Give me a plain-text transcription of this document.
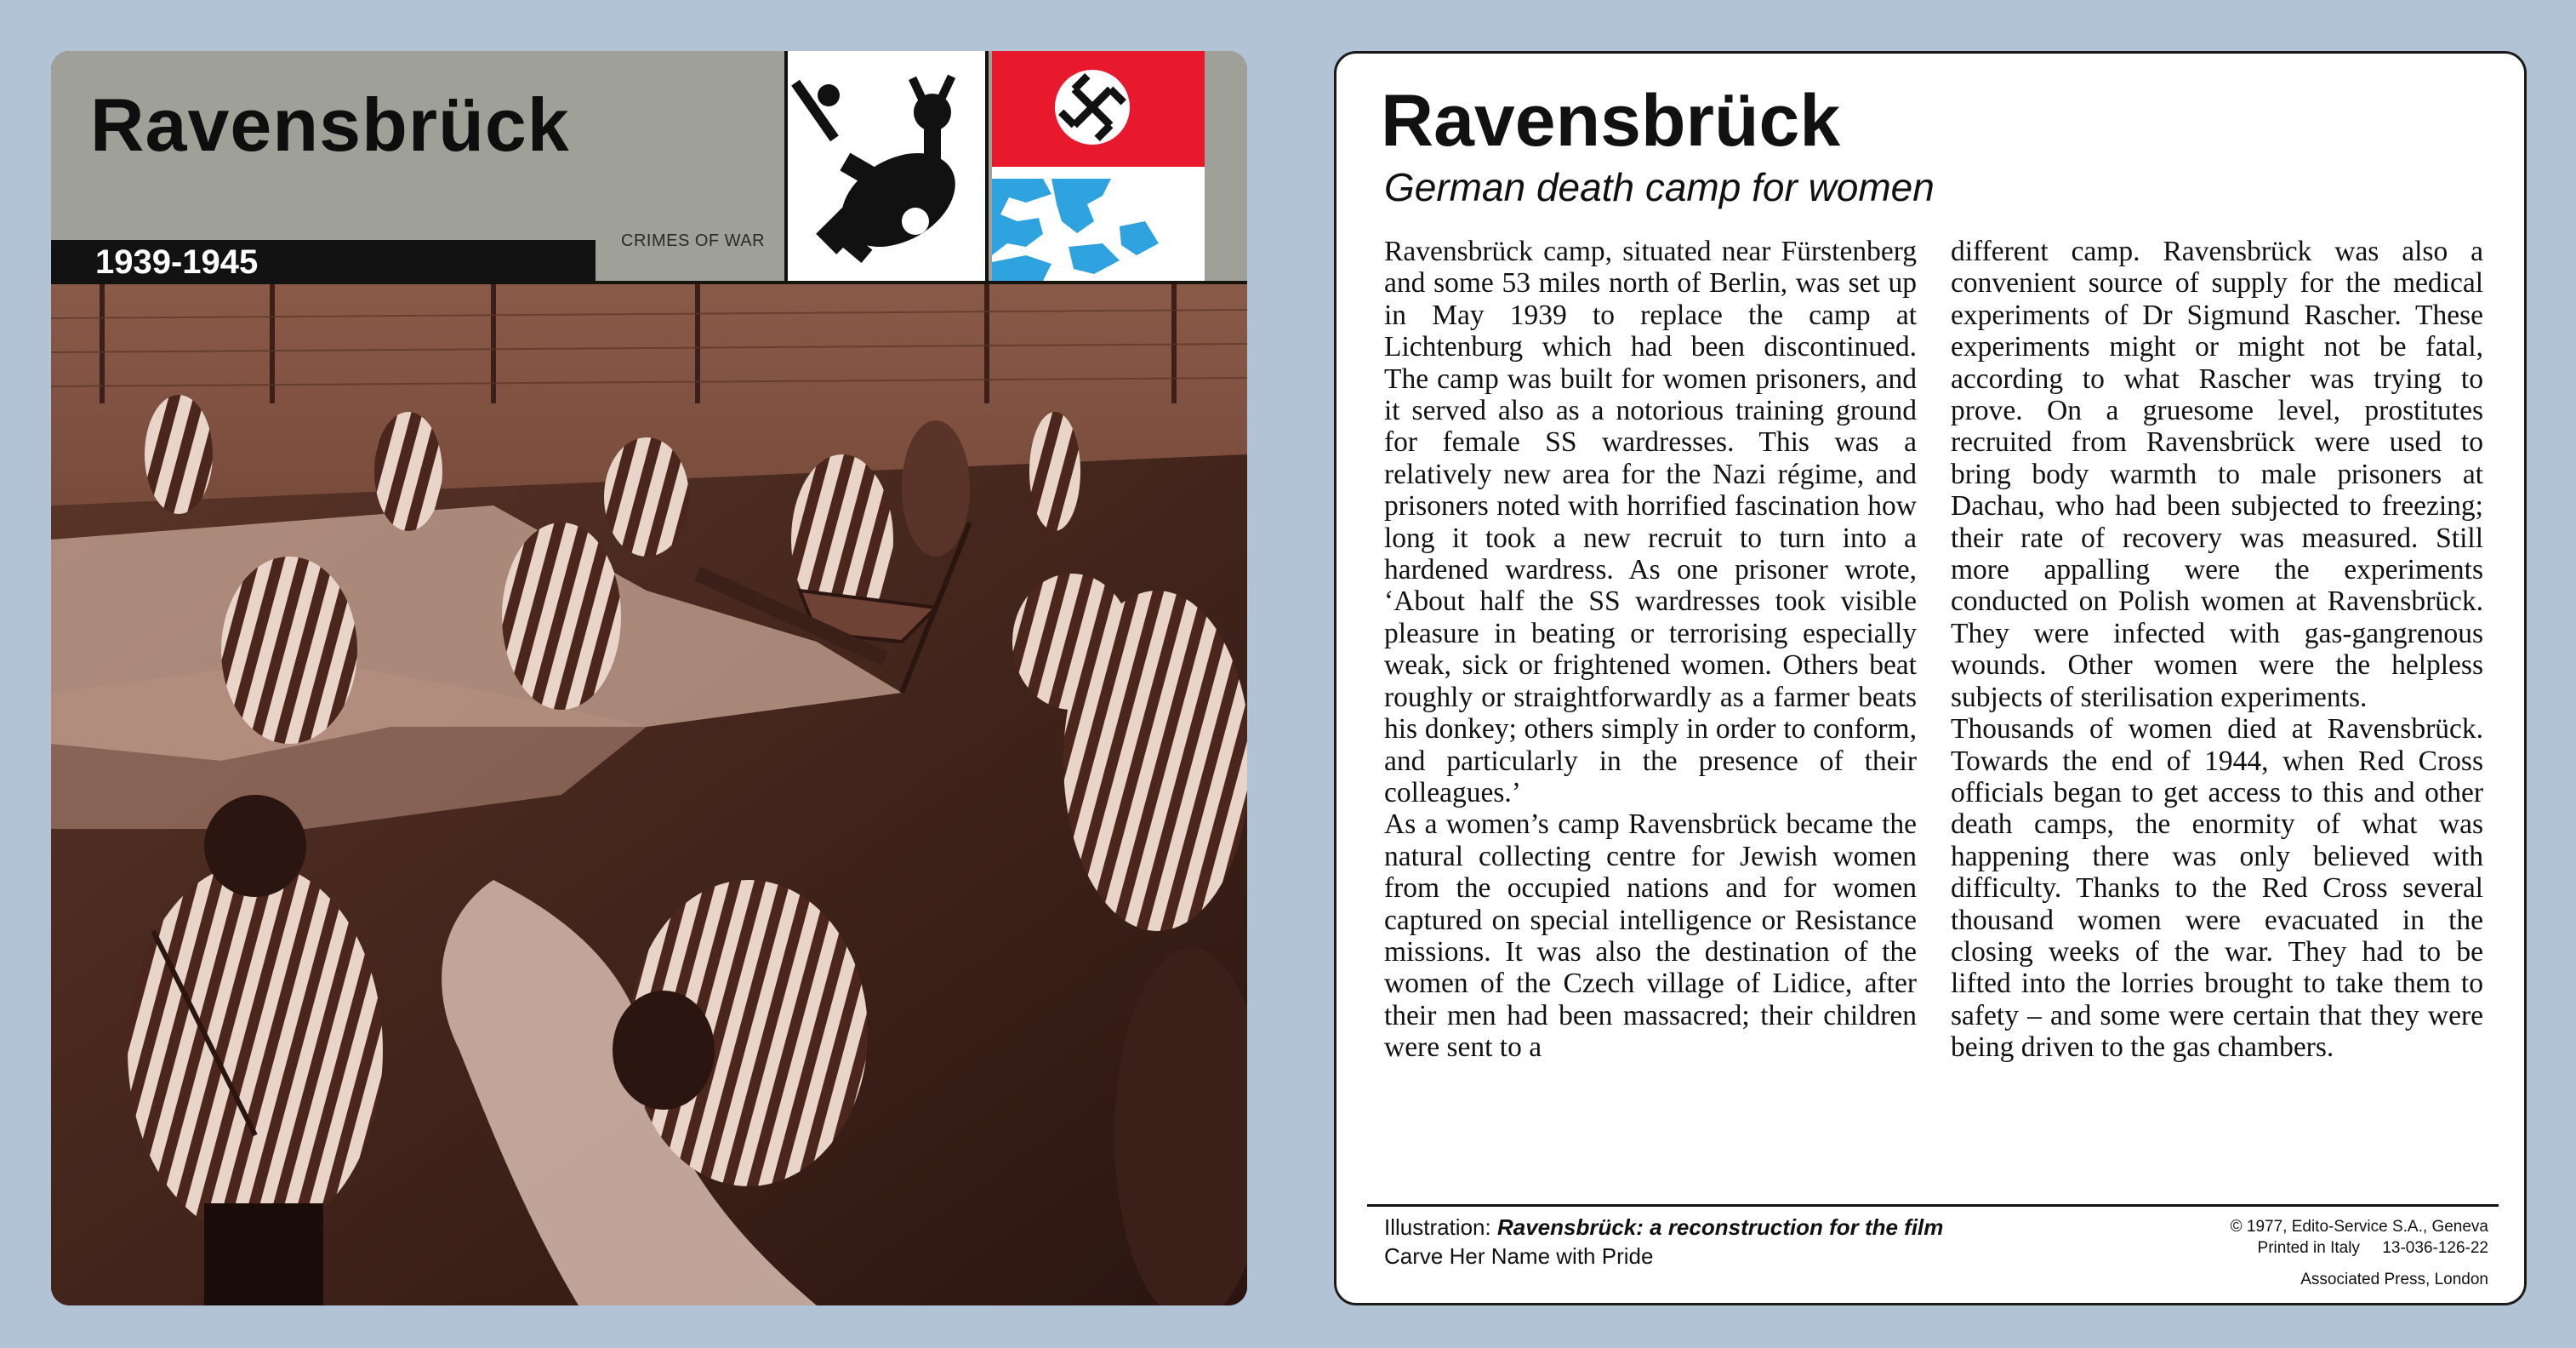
Ravensbrück
1939-1945
CRIMES OF WAR
Ravensbrück
German death camp for women

Ravensbrück camp, situated near Fürstenberg and some 53 miles north of Berlin, was set up in May 1939 to replace the camp at Lichtenburg which had been discontinued. The camp was built for women prisoners, and it served also as a notorious training ground for female SS wardresses. This was a relatively new area for the Nazi régime, and prisoners noted with horrified fascination how long it took a new recruit to turn into a hardened wardress. As one prisoner wrote, ‘About half the SS wardresses took visible pleasure in beating or terrorising especially weak, sick or frightened women. Others beat roughly or straightforwardly as a farmer beats his donkey; others simply in order to conform, and particularly in the presence of their colleagues.’

As a women’s camp Ravensbrück became the natural collecting centre for Jewish women from the occupied nations and for women captured on special intelligence or Resistance missions. It was also the destination of the women of the Czech village of Lidice, after their men had been massacred; their children were sent to a

different camp. Ravensbrück was also a convenient source of supply for the medical experiments of Dr Sigmund Rascher. These experiments might or might not be fatal, according to what Rascher was trying to prove. On a gruesome level, prostitutes recruited from Ravensbrück were used to bring body warmth to male prisoners at Dachau, who had been subjected to freezing; their rate of recovery was measured. Still more appalling were the experiments conducted on Polish women at Ravensbrück. They were infected with gas-gangrenous wounds. Other women were the helpless subjects of sterilisation experiments.

Thousands of women died at Ravensbrück. Towards the end of 1944, when Red Cross officials began to get access to this and other death camps, the enormity of what was happening there was only believed with difficulty. Thanks to the Red Cross several thousand women were evacuated in the closing weeks of the war. They had to be lifted into the lorries brought to take them to safety – and some were certain that they were being driven to the gas chambers.

Illustration: Ravensbrück: a reconstruction for the film
Carve Her Name with Pride
© 1977, Edito-Service S.A., Geneva
Printed in Italy 13-036-126-22
Associated Press, London
